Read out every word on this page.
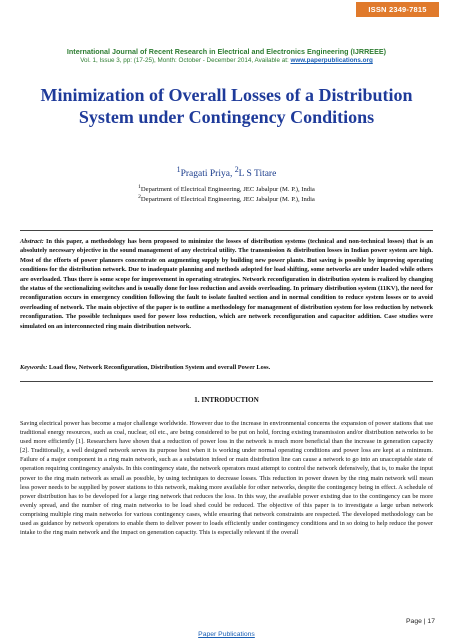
ISSN 2349-7815
International Journal of Recent Research in Electrical and Electronics Engineering (IJRREEE)
Vol. 1, Issue 3, pp: (17-25), Month: October - December 2014, Available at: www.paperpublications.org
Minimization of Overall Losses of a Distribution System under Contingency Conditions
$^1$Pragati Priya, $^2$L S Titare
$^1$Department of Electrical Engineering, JEC Jabalpur (M. P.), India
$^2$Department of Electrical Engineering, JEC Jabalpur (M. P.), India
Abstract: In this paper, a methodology has been proposed to minimize the losses of distribution systems (technical and non-technical losses) that is an absolutely necessary objective in the sound management of any electrical utility. The transmission & distribution losses in Indian power system are high. Most of the efforts of power planners concentrate on augmenting supply by building new power plants. But saving is possible by improving operating conditions for the distribution network. Due to inadequate planning and methods adopted for load shifting, some networks are under loaded while others are overloaded. Thus there is some scope for improvement in operating strategies. Network reconfiguration in distribution system is realized by changing the status of the sectionalizing switches and is usually done for loss reduction and avoids overloading. In primary distribution system (11KV), the need for reconfiguration occurs in emergency condition following the fault to isolate faulted section and in normal condition to reduce system losses or to avoid overloading of network. The main objective of the paper is to outline a methodology for management of distribution system for loss reduction by network reconfiguration. The possible techniques used for power loss reduction, which are network reconfiguration and capacitor addition. Case studies were simulated on an interconnected ring main distribution network.
Keywords: Load flow, Network Reconfiguration, Distribution System and overall Power Loss.
1. INTRODUCTION
Saving electrical power has become a major challenge worldwide. However due to the increase in environmental concerns the expansion of power stations that use traditional energy resources, such as coal, nuclear, oil etc., are being considered to be put on hold, forcing existing transmission and/or distribution networks to be used more efficiently [1]. Researchers have shown that a reduction of power loss in the network is much more beneficial than the increase in generation capacity [2]. Traditionally, a well designed network serves its purpose best when it is working under normal operating conditions and power loss are kept at a minimum. Failure of a major component in a ring main network, such as a substation infeed or main distribution line can cause a network to go into an unacceptable state of operation requiring contingency analysis. In this contingency state, the network operators must attempt to control the network defensively, that is, to make the input power to the ring main network as small as possible, by using techniques to decrease losses. This reduction in power drawn by the ring main network will mean less power needs to be supplied by power stations to this network, making more available for other networks, despite the contingency being in effect. A schedule of power distribution has to be developed for a large ring network that reduces the loss. In this way, the available power existing due to the contingency can be more evenly spread, and the number of ring main networks to be load shed could be reduced. The objective of this paper is to investigate a large urban network comprising multiple ring main networks for various contingency cases, while ensuring that network constraints are respected. The developed methodology can be used as guidance by network operators to enable them to deliver power to loads efficiently under contingency conditions and in so doing to help reduce the power intake to the ring main network and the impact on generation capacity. This is especially relevant if the overall
Page | 17
Paper Publications
